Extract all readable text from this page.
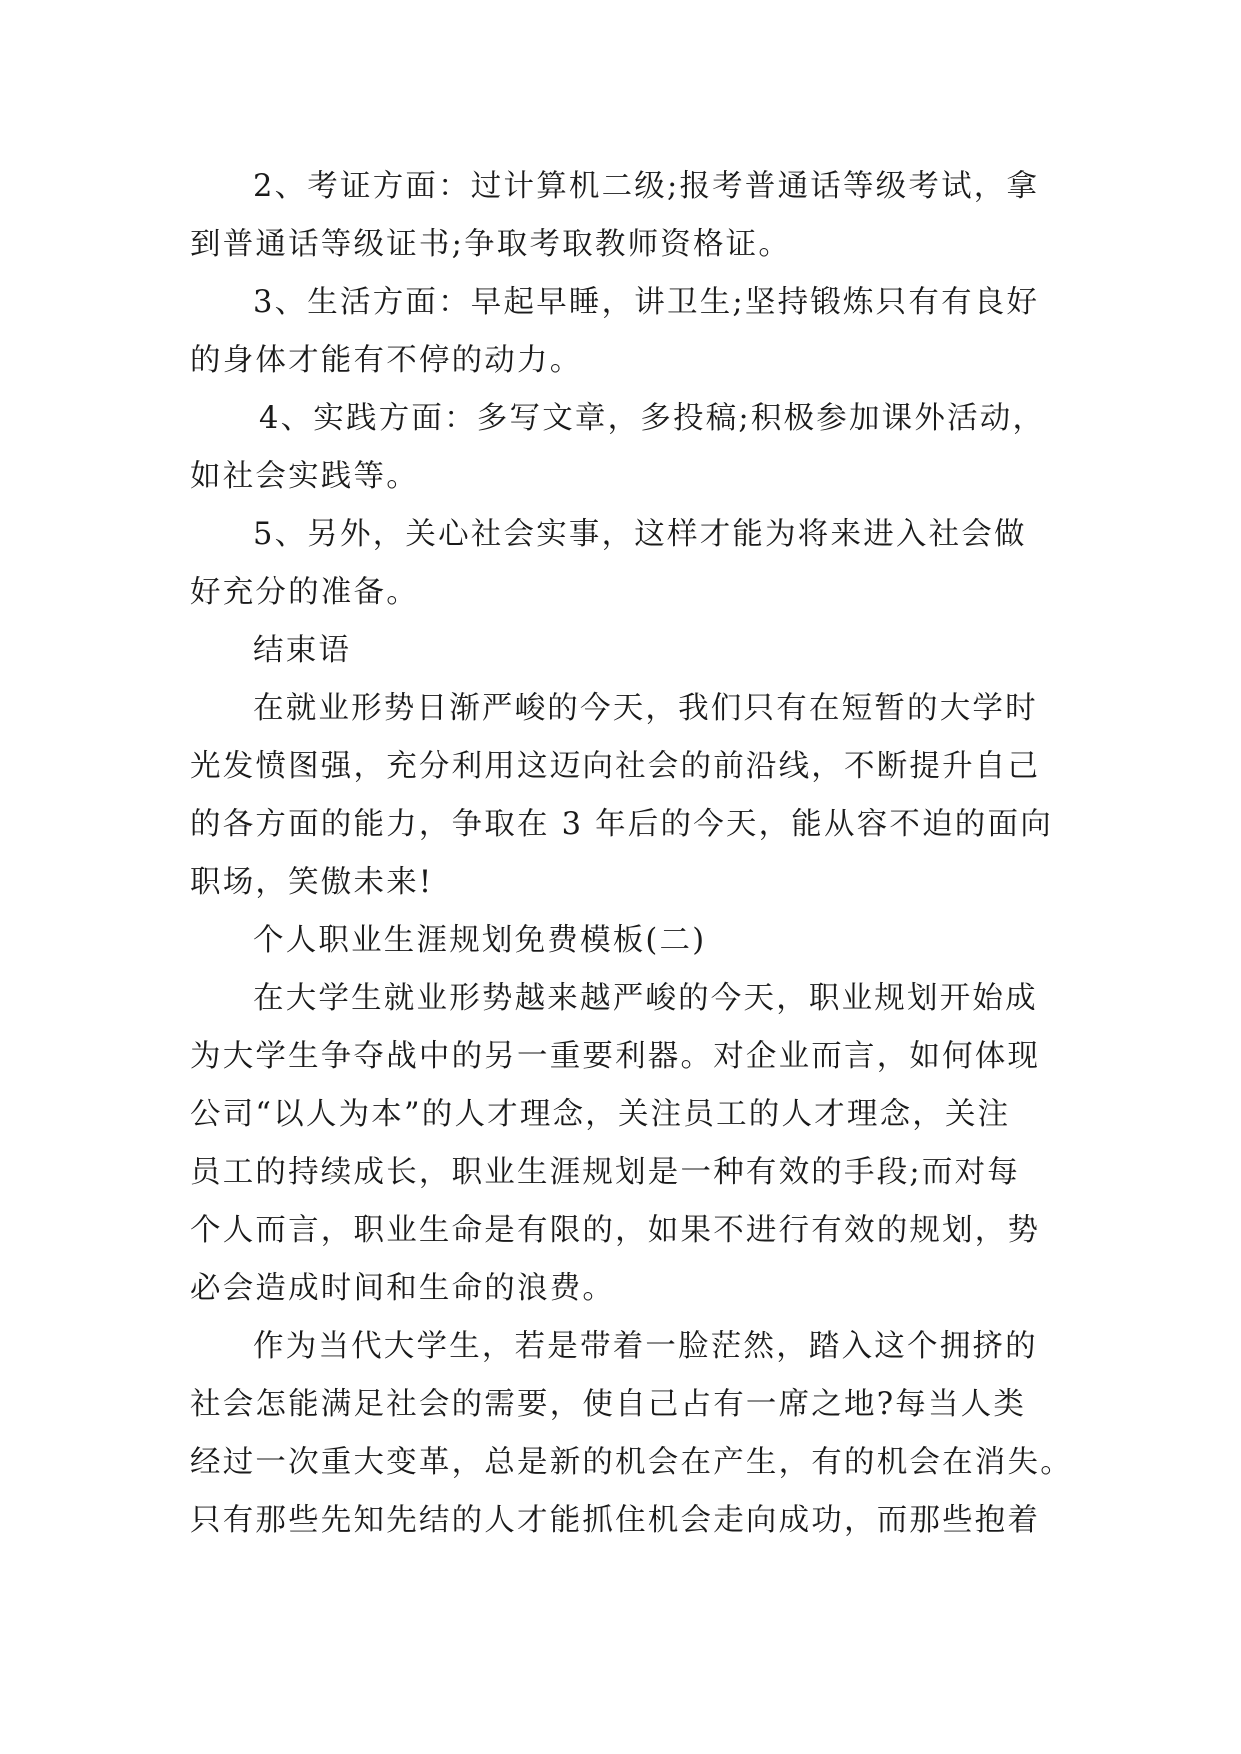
2、考证方面：过计算机二级;报考普通话等级考试，拿
到普通话等级证书;争取考取教师资格证。
3、生活方面：早起早睡，讲卫生;坚持锻炼只有有良好
的身体才能有不停的动力。
4、实践方面：多写文章，多投稿;积极参加课外活动，
如社会实践等。
5、另外，关心社会实事，这样才能为将来进入社会做
好充分的准备。
结束语
在就业形势日渐严峻的今天，我们只有在短暂的大学时
光发愤图强，充分利用这迈向社会的前沿线，不断提升自己
的各方面的能力，争取在 3 年后的今天，能从容不迫的面向
职场，笑傲未来!
个人职业生涯规划免费模板(二)
在大学生就业形势越来越严峻的今天，职业规划开始成
为大学生争夺战中的另一重要利器。对企业而言，如何体现
公司“以人为本”的人才理念，关注员工的人才理念，关注
员工的持续成长，职业生涯规划是一种有效的手段;而对每
个人而言，职业生命是有限的，如果不进行有效的规划，势
必会造成时间和生命的浪费。
作为当代大学生，若是带着一脸茫然，踏入这个拥挤的
社会怎能满足社会的需要，使自己占有一席之地?每当人类
经过一次重大变革，总是新的机会在产生，有的机会在消失。
只有那些先知先结的人才能抓住机会走向成功，而那些抱着
